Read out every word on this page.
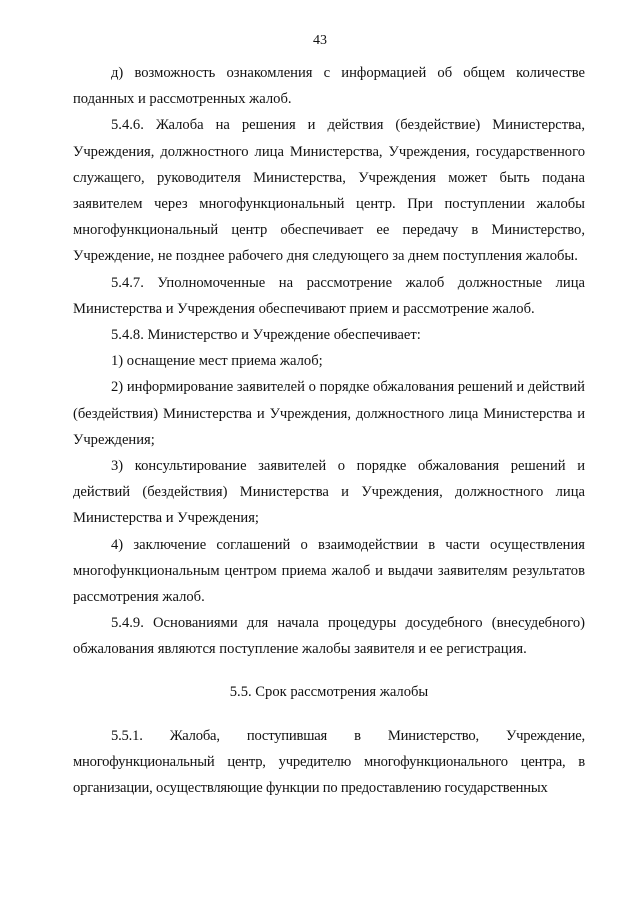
43

д) возможность ознакомления с информацией об общем количестве поданных и рассмотренных жалоб.

5.4.6. Жалоба на решения и действия (бездействие) Министерства, Учреждения, должностного лица Министерства, Учреждения, государственного служащего, руководителя Министерства, Учреждения может быть подана заявителем через многофункциональный центр. При поступлении жалобы многофункциональный центр обеспечивает ее передачу в Министерство, Учреждение, не позднее рабочего дня следующего за днем поступления жалобы.

5.4.7. Уполномоченные на рассмотрение жалоб должностные лица Министерства и Учреждения обеспечивают прием и рассмотрение жалоб.

5.4.8. Министерство и Учреждение обеспечивает:

1) оснащение мест приема жалоб;

2) информирование заявителей о порядке обжалования решений и действий (бездействия) Министерства и Учреждения, должностного лица Министерства и Учреждения;

3) консультирование заявителей о порядке обжалования решений и действий (бездействия) Министерства и Учреждения, должностного лица Министерства и Учреждения;

4) заключение соглашений о взаимодействии в части осуществления многофункциональным центром приема жалоб и выдачи заявителям результатов рассмотрения жалоб.

5.4.9. Основаниями для начала процедуры досудебного (внесудебного) обжалования являются поступление жалобы заявителя и ее регистрация.

5.5. Срок рассмотрения жалобы

5.5.1. Жалоба, поступившая в Министерство, Учреждение, многофункциональный центр, учредителю многофункционального центра, в организации, осуществляющие функции по предоставлению государственных
